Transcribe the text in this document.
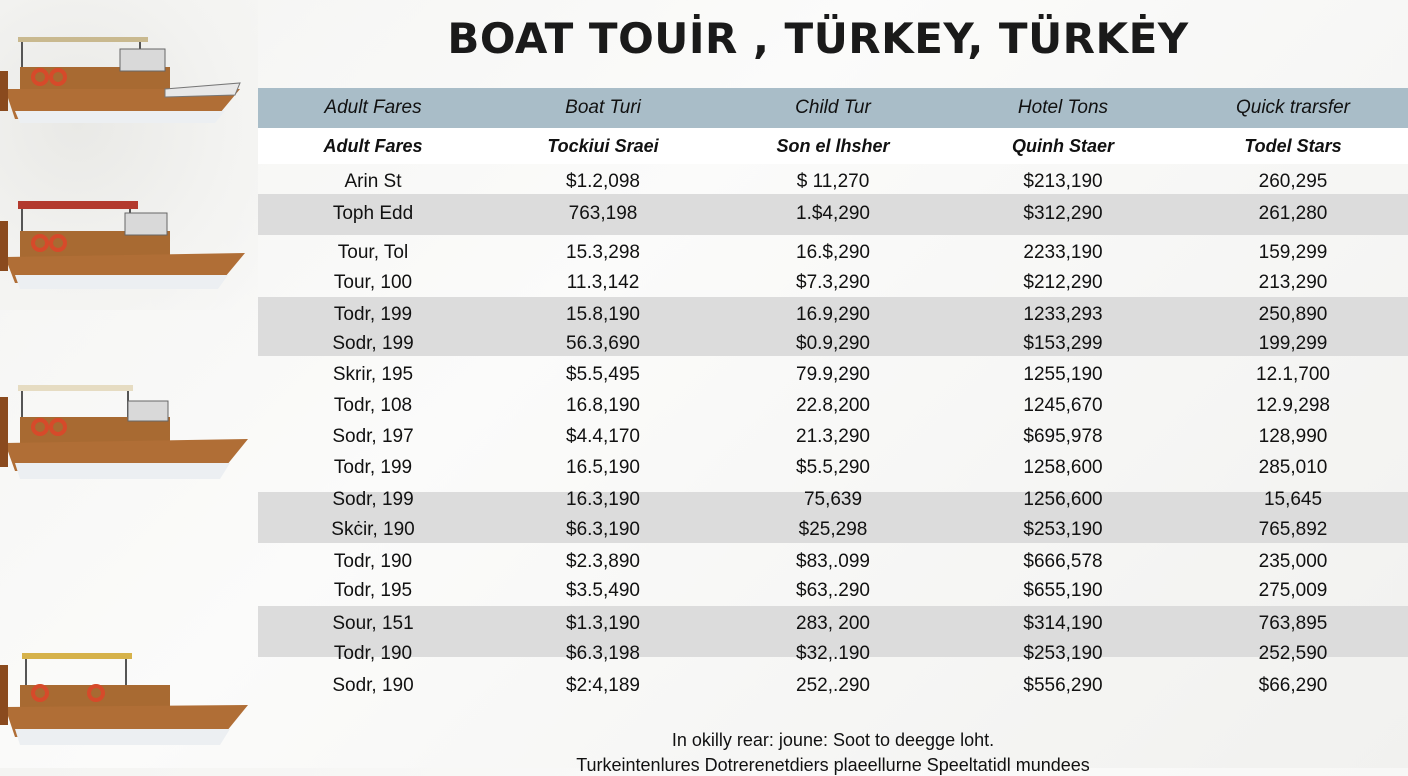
BOAT TOUİR , TÜRKEY, TÜRKĖY
Adult Fares	Boat Turi	Child Tur	Hotel Tons	Quick trarsfer
Adult Fares	Tockiui Sraei	Son el lhsher	Quinh Staer	Todel Stars
Arin St	$1.2,098	$ 11,270	$213,190	260,295
Toph Edd	763,198	1.$4,290	$312,290	261,280
Tour, Tol	15.3,298	16.$,290	2233,190	159,299
Tour, 100	11.3,142	$7.3,290	$212,290	213,290
Todr, 199	15.8,190	16.9,290	1233,293	250,890
Sodr, 199	56.3,690	$0.9,290	$153,299	199,299
Skrir, 195	$5.5,495	79.9,290	1255,190	12.1,700
Todr, 108	16.8,190	22.8,200	1245,670	12.9,298
Sodr, 197	$4.4,170	21.3,290	$695,978	128,990
Todr, 199	16.5,190	$5.5,290	1258,600	285,010
Sodr, 199	16.3,190	75,639	1256,600	15,645
Skċir, 190	$6.3,190	$25,298	$253,190	765,892
Todr, 190	$2.3,890	$83,.099	$666,578	235,000
Todr, 195	$3.5,490	$63,.290	$655,190	275,009
Sour, 151	$1.3,190	283, 200	$314,190	763,895
Todr, 190	$6.3,198	$32,.190	$253,190	252,590
Sodr, 190	$2:4,189	252,.290	$556,290	$66,290
In okilly rear: joune: Soot to deegge loht.
Turkeintenlures Dotrerenetdiers plaeellurne Speeltatidl mundees
